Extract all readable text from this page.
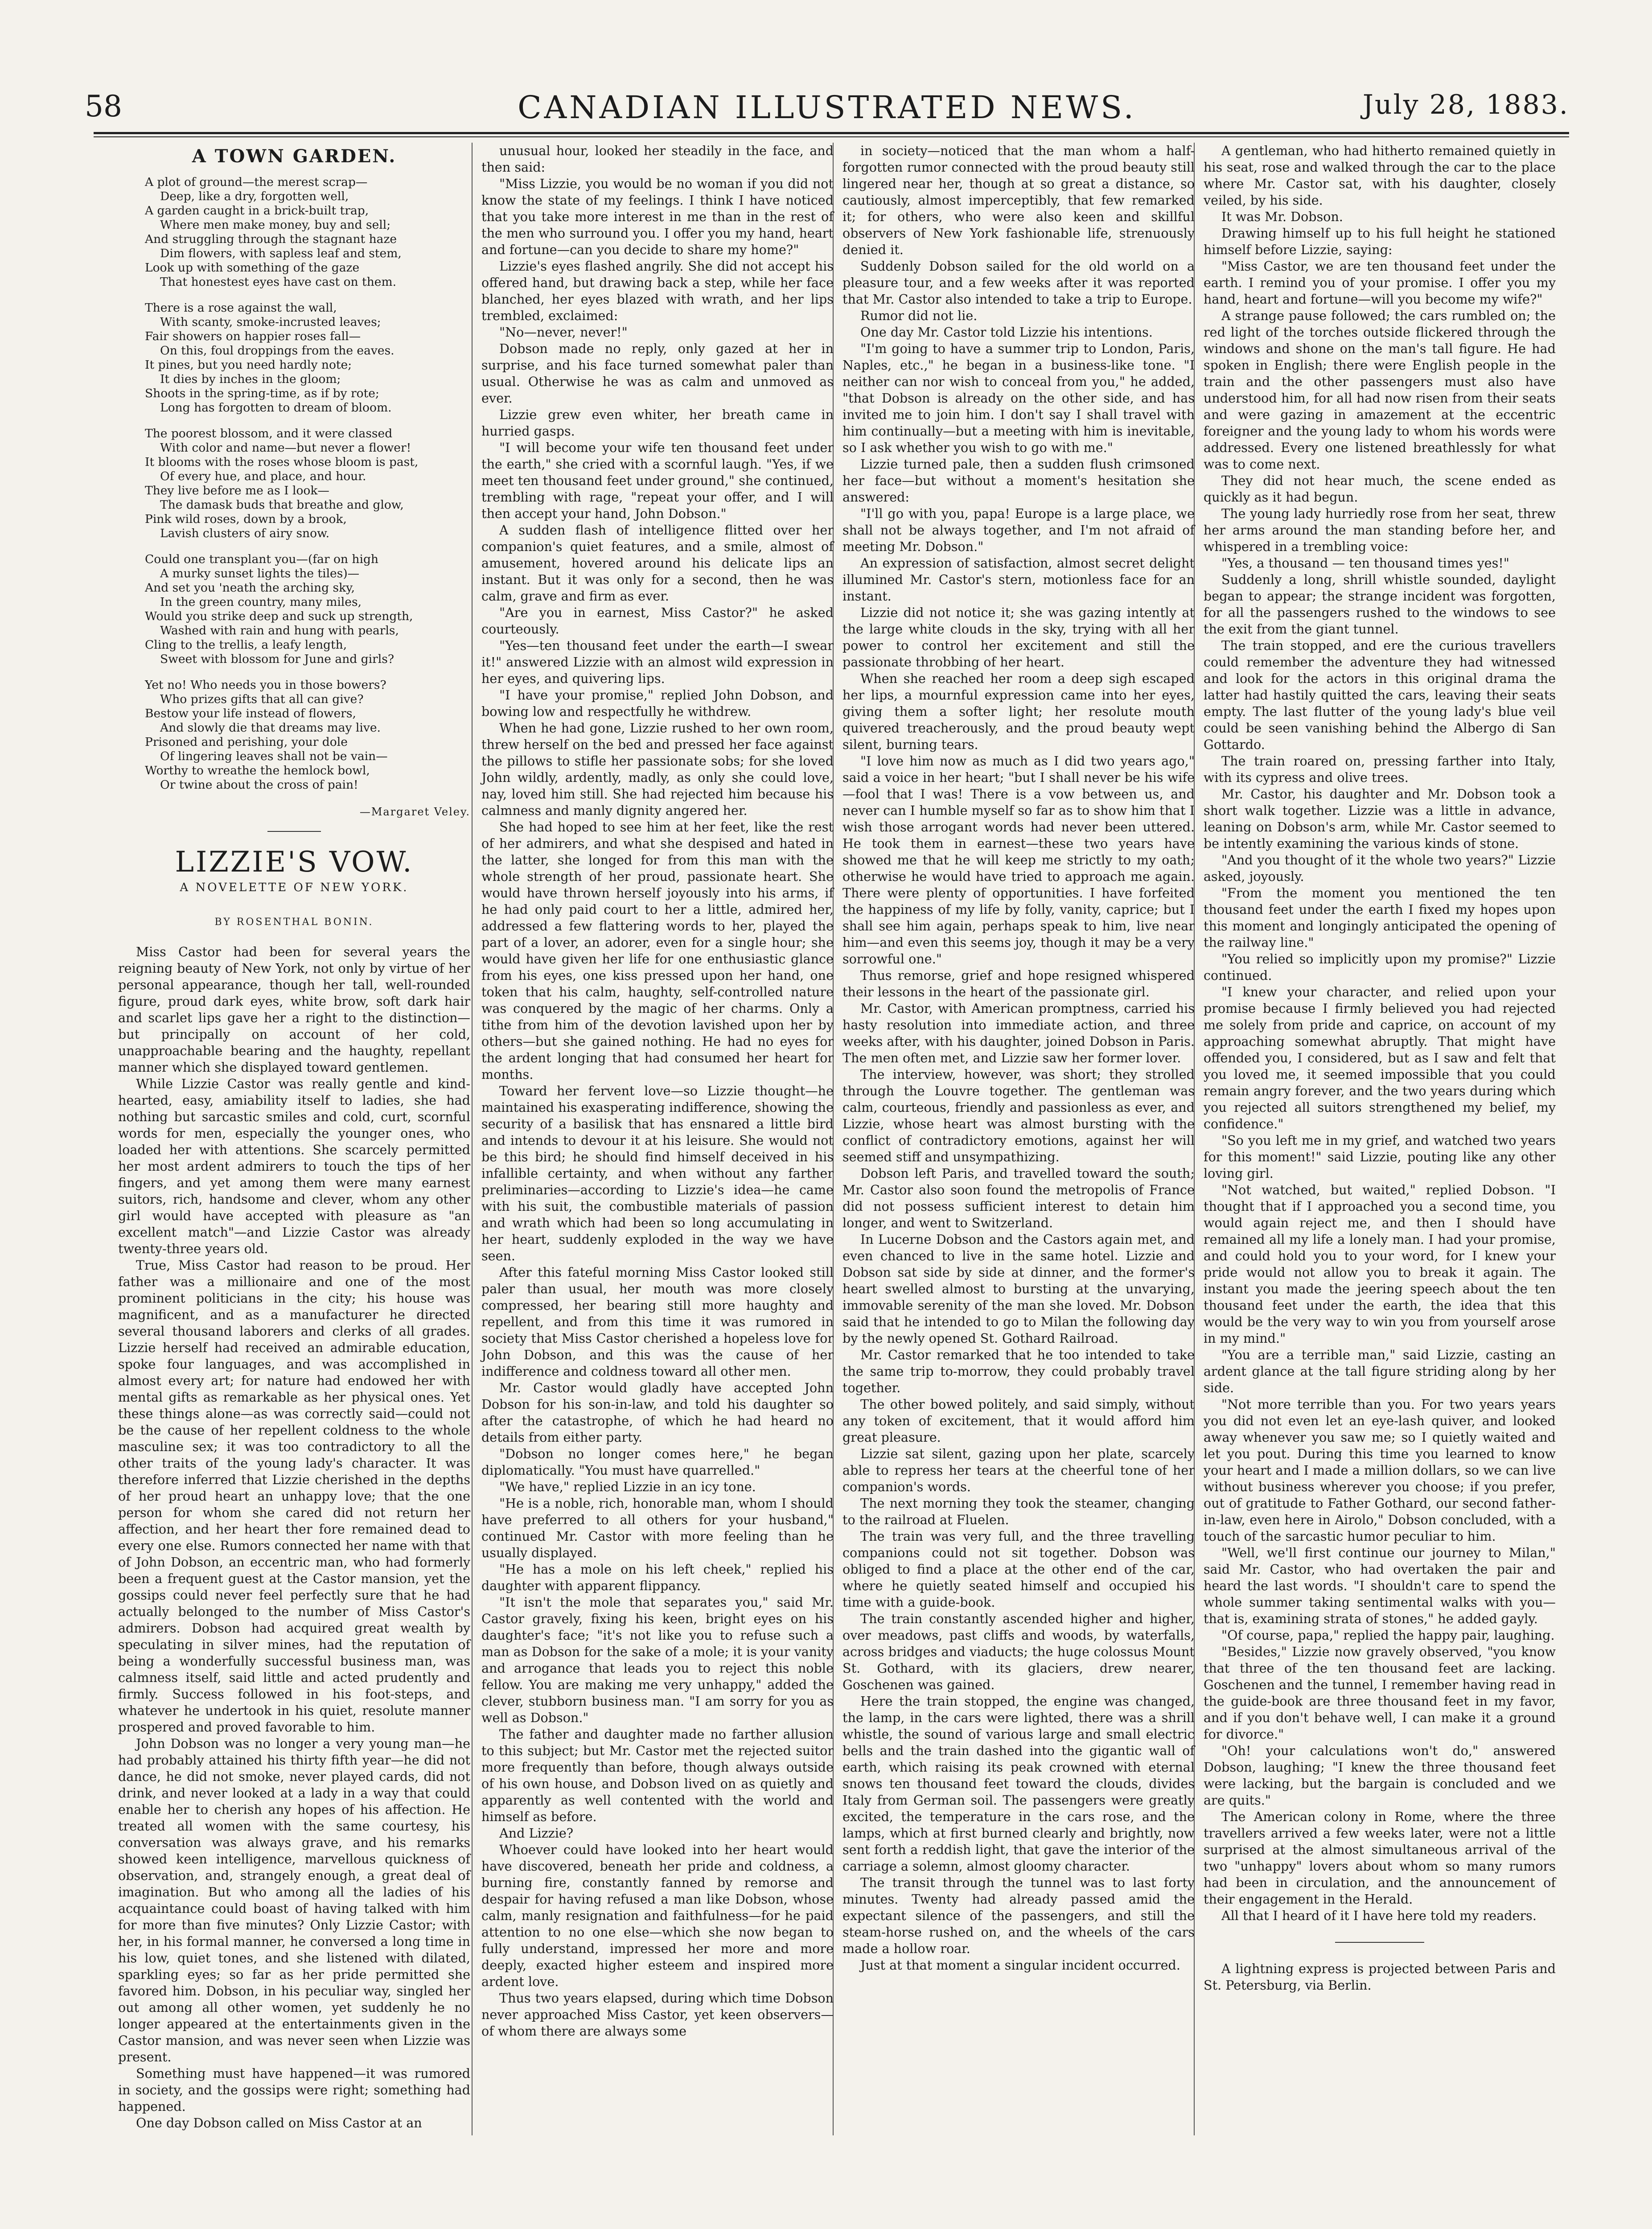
58	CANADIAN ILLUSTRATED NEWS.	July 28, 1883.
A TOWN GARDEN.
A plot of ground—the merest scrap—
Deep, like a dry, forgotten well,
A garden caught in a brick-built trap,
Where men make money, buy and sell;
And struggling through the stagnant haze
Dim flowers, with sapless leaf and stem,
Look up with something of the gaze
That honestest eyes have cast on them.
There is a rose against the wall,
With scanty, smoke-incrusted leaves;
Fair showers on happier roses fall—
On this, foul droppings from the eaves.
It pines, but you need hardly note;
It dies by inches in the gloom;
Shoots in the spring-time, as if by rote;
Long has forgotten to dream of bloom.
The poorest blossom, and it were classed
With color and name—but never a flower!
It blooms with the roses whose bloom is past,
Of every hue, and place, and hour.
They live before me as I look—
The damask buds that breathe and glow,
Pink wild roses, down by a brook,
Lavish clusters of airy snow.
Could one transplant you—(far on high
A murky sunset lights the tiles)—
And set you 'neath the arching sky,
In the green country, many miles,
Would you strike deep and suck up strength,
Washed with rain and hung with pearls,
Cling to the trellis, a leafy length,
Sweet with blossom for June and girls?
Yet no! Who needs you in those bowers?
Who prizes gifts that all can give?
Bestow your life instead of flowers,
And slowly die that dreams may live.
Prisoned and perishing, your dole
Of lingering leaves shall not be vain—
Worthy to wreathe the hemlock bowl,
Or twine about the cross of pain!
—Margaret Veley.
LIZZIE'S VOW.
A NOVELETTE OF NEW YORK.
BY ROSENTHAL BONIN.

Miss Castor had been for several years the reigning beauty of New York, not only by virtue of her personal appearance, though her tall, well-rounded figure, proud dark eyes, white brow, soft dark hair and scarlet lips gave her a right to the distinction—but principally on account of her cold, unapproachable bearing and the haughty, repellant manner which she displayed toward gentlemen.

While Lizzie Castor was really gentle and kind-hearted, easy, amiability itself to ladies, she had nothing but sarcastic smiles and cold, curt, scornful words for men, especially the younger ones, who loaded her with attentions. She scarcely permitted her most ardent admirers to touch the tips of her fingers, and yet among them were many earnest suitors, rich, handsome and clever, whom any other girl would have accepted with pleasure as "an excellent match"—and Lizzie Castor was already twenty-three years old.

True, Miss Castor had reason to be proud. Her father was a millionaire and one of the most prominent politicians in the city; his house was magnificent, and as a manufacturer he directed several thousand laborers and clerks of all grades. Lizzie herself had received an admirable education, spoke four languages, and was accomplished in almost every art; for nature had endowed her with mental gifts as remarkable as her physical ones. Yet these things alone—as was correctly said—could not be the cause of her repellent coldness to the whole masculine sex; it was too contradictory to all the other traits of the young lady's character. It was therefore inferred that Lizzie cherished in the depths of her proud heart an unhappy love; that the one person for whom she cared did not return her affection, and her heart ther fore remained dead to every one else. Rumors connected her name with that of John Dobson, an eccentric man, who had formerly been a frequent guest at the Castor mansion, yet the gossips could never feel perfectly sure that he had actually belonged to the number of Miss Castor's admirers. Dobson had acquired great wealth by speculating in silver mines, had the reputation of being a wonderfully successful business man, was calmness itself, said little and acted prudently and firmly. Success followed in his foot-steps, and whatever he undertook in his quiet, resolute manner prospered and proved favorable to him.

John Dobson was no longer a very young man—he had probably attained his thirty fifth year—he did not dance, he did not smoke, never played cards, did not drink, and never looked at a lady in a way that could enable her to cherish any hopes of his affection. He treated all women with the same courtesy, his conversation was always grave, and his remarks showed keen intelligence, marvellous quickness of observation, and, strangely enough, a great deal of imagination. But who among all the ladies of his acquaintance could boast of having talked with him for more than five minutes? Only Lizzie Castor; with her, in his formal manner, he conversed a long time in his low, quiet tones, and she listened with dilated, sparkling eyes; so far as her pride permitted she favored him. Dobson, in his peculiar way, singled her out among all other women, yet suddenly he no longer appeared at the entertainments given in the Castor mansion, and was never seen when Lizzie was present.

Something must have happened—it was rumored in society, and the gossips were right; something had happened.

One day Dobson called on Miss Castor at an

unusual hour, looked her steadily in the face, and then said:

"Miss Lizzie, you would be no woman if you did not know the state of my feelings. I think I have noticed that you take more interest in me than in the rest of the men who surround you. I offer you my hand, heart and fortune—can you decide to share my home?"

Lizzie's eyes flashed angrily. She did not accept his offered hand, but drawing back a step, while her face blanched, her eyes blazed with wrath, and her lips trembled, exclaimed:

"No—never, never!"

Dobson made no reply, only gazed at her in surprise, and his face turned somewhat paler than usual. Otherwise he was as calm and unmoved as ever.

Lizzie grew even whiter, her breath came in hurried gasps.

"I will become your wife ten thousand feet under the earth," she cried with a scornful laugh. "Yes, if we meet ten thousand feet under ground," she continued, trembling with rage, "repeat your offer, and I will then accept your hand, John Dobson."

A sudden flash of intelligence flitted over her companion's quiet features, and a smile, almost of amusement, hovered around his delicate lips an instant. But it was only for a second, then he was calm, grave and firm as ever.

"Are you in earnest, Miss Castor?" he asked courteously.

"Yes—ten thousand feet under the earth—I swear it!" answered Lizzie with an almost wild expression in her eyes, and quivering lips.

"I have your promise," replied John Dobson, and bowing low and respectfully he withdrew.

When he had gone, Lizzie rushed to her own room, threw herself on the bed and pressed her face against the pillows to stifle her passionate sobs; for she loved John wildly, ardently, madly, as only she could love, nay, loved him still. She had rejected him because his calmness and manly dignity angered her.

She had hoped to see him at her feet, like the rest of her admirers, and what she despised and hated in the latter, she longed for from this man with the whole strength of her proud, passionate heart. She would have thrown herself joyously into his arms, if he had only paid court to her a little, admired her, addressed a few flattering words to her, played the part of a lover, an adorer, even for a single hour; she would have given her life for one enthusiastic glance from his eyes, one kiss pressed upon her hand, one token that his calm, haughty, self-controlled nature was conquered by the magic of her charms. Only a tithe from him of the devotion lavished upon her by others—but she gained nothing. He had no eyes for the ardent longing that had consumed her heart for months.

Toward her fervent love—so Lizzie thought—he maintained his exasperating indifference, showing the security of a basilisk that has ensnared a little bird and intends to devour it at his leisure. She would not be this bird; he should find himself deceived in his infallible certainty, and when without any farther preliminaries—according to Lizzie's idea—he came with his suit, the combustible materials of passion and wrath which had been so long accumulating in her heart, suddenly exploded in the way we have seen.

After this fateful morning Miss Castor looked still paler than usual, her mouth was more closely compressed, her bearing still more haughty and repellent, and from this time it was rumored in society that Miss Castor cherished a hopeless love for John Dobson, and this was the cause of her indifference and coldness toward all other men.

Mr. Castor would gladly have accepted John Dobson for his son-in-law, and told his daughter so after the catastrophe, of which he had heard no details from either party.

"Dobson no longer comes here," he began diplomatically. "You must have quarrelled."

"We have," replied Lizzie in an icy tone.

"He is a noble, rich, honorable man, whom I should have preferred to all others for your husband," continued Mr. Castor with more feeling than he usually displayed.

"He has a mole on his left cheek," replied his daughter with apparent flippancy.

"It isn't the mole that separates you," said Mr. Castor gravely, fixing his keen, bright eyes on his daughter's face; "it's not like you to refuse such a man as Dobson for the sake of a mole; it is your vanity and arrogance that leads you to reject this noble fellow. You are making me very unhappy," added the clever, stubborn business man. "I am sorry for you as well as Dobson."

The father and daughter made no farther allusion to this subject; but Mr. Castor met the rejected suitor more frequently than before, though always outside of his own house, and Dobson lived on as quietly and apparently as well contented with the world and himself as before.

And Lizzie?

Whoever could have looked into her heart would have discovered, beneath her pride and coldness, a burning fire, constantly fanned by remorse and despair for having refused a man like Dobson, whose calm, manly resignation and faithfulness—for he paid attention to no one else—which she now began to fully understand, impressed her more and more deeply, exacted higher esteem and inspired more ardent love.

Thus two years elapsed, during which time Dobson never approached Miss Castor, yet keen observers—of whom there are always some

in society—noticed that the man whom a half-forgotten rumor connected with the proud beauty still lingered near her, though at so great a distance, so cautiously, almost imperceptibly, that few remarked it; for others, who were also keen and skillful observers of New York fashionable life, strenuously denied it.

Suddenly Dobson sailed for the old world on a pleasure tour, and a few weeks after it was reported that Mr. Castor also intended to take a trip to Europe.

Rumor did not lie.

One day Mr. Castor told Lizzie his intentions.

"I'm going to have a summer trip to London, Paris, Naples, etc.," he began in a business-like tone. "I neither can nor wish to conceal from you," he added, "that Dobson is already on the other side, and has invited me to join him. I don't say I shall travel with him continually—but a meeting with him is inevitable, so I ask whether you wish to go with me."

Lizzie turned pale, then a sudden flush crimsoned her face—but without a moment's hesitation she answered:

"I'll go with you, papa! Europe is a large place, we shall not be always together, and I'm not afraid of meeting Mr. Dobson."

An expression of satisfaction, almost secret delight illumined Mr. Castor's stern, motionless face for an instant.

Lizzie did not notice it; she was gazing intently at the large white clouds in the sky, trying with all her power to control her excitement and still the passionate throbbing of her heart.

When she reached her room a deep sigh escaped her lips, a mournful expression came into her eyes, giving them a softer light; her resolute mouth quivered treacherously, and the proud beauty wept silent, burning tears.

"I love him now as much as I did two years ago," said a voice in her heart; "but I shall never be his wife—fool that I was! There is a vow between us, and never can I humble myself so far as to show him that I wish those arrogant words had never been uttered. He took them in earnest—these two years have showed me that he will keep me strictly to my oath; otherwise he would have tried to approach me again. There were plenty of opportunities. I have forfeited the happiness of my life by folly, vanity, caprice; but I shall see him again, perhaps speak to him, live near him—and even this seems joy, though it may be a very sorrowful one."

Thus remorse, grief and hope resigned whispered their lessons in the heart of the passionate girl.

Mr. Castor, with American promptness, carried his hasty resolution into immediate action, and three weeks after, with his daughter, joined Dobson in Paris. The men often met, and Lizzie saw her former lover.

The interview, however, was short; they strolled through the Louvre together. The gentleman was calm, courteous, friendly and passionless as ever, and Lizzie, whose heart was almost bursting with the conflict of contradictory emotions, against her will seemed stiff and unsympathizing.

Dobson left Paris, and travelled toward the south; Mr. Castor also soon found the metropolis of France did not possess sufficient interest to detain him longer, and went to Switzerland.

In Lucerne Dobson and the Castors again met, and even chanced to live in the same hotel. Lizzie and Dobson sat side by side at dinner, and the former's heart swelled almost to bursting at the unvarying, immovable serenity of the man she loved. Mr. Dobson said that he intended to go to Milan the following day by the newly opened St. Gothard Railroad.

Mr. Castor remarked that he too intended to take the same trip to-morrow, they could probably travel together.

The other bowed politely, and said simply, without any token of excitement, that it would afford him great pleasure.

Lizzie sat silent, gazing upon her plate, scarcely able to repress her tears at the cheerful tone of her companion's words.

The next morning they took the steamer, changing to the railroad at Fluelen.

The train was very full, and the three travelling companions could not sit together. Dobson was obliged to find a place at the other end of the car, where he quietly seated himself and occupied his time with a guide-book.

The train constantly ascended higher and higher, over meadows, past cliffs and woods, by waterfalls, across bridges and viaducts; the huge colossus Mount St. Gothard, with its glaciers, drew nearer, Goschenen was gained.

Here the train stopped, the engine was changed, the lamp, in the cars were lighted, there was a shrill whistle, the sound of various large and small electric bells and the train dashed into the gigantic wall of earth, which raising its peak crowned with eternal snows ten thousand feet toward the clouds, divides Italy from German soil. The passengers were greatly excited, the temperature in the cars rose, and the lamps, which at first burned clearly and brightly, now sent forth a reddish light, that gave the interior of the carriage a solemn, almost gloomy character.

The transit through the tunnel was to last forty minutes. Twenty had already passed amid the expectant silence of the passengers, and still the steam-horse rushed on, and the wheels of the cars made a hollow roar.

Just at that moment a singular incident occurred.

A gentleman, who had hitherto remained quietly in his seat, rose and walked through the car to the place where Mr. Castor sat, with his daughter, closely veiled, by his side.

It was Mr. Dobson.

Drawing himself up to his full height he stationed himself before Lizzie, saying:

"Miss Castor, we are ten thousand feet under the earth. I remind you of your promise. I offer you my hand, heart and fortune—will you become my wife?"

A strange pause followed; the cars rumbled on; the red light of the torches outside flickered through the windows and shone on the man's tall figure. He had spoken in English; there were English people in the train and the other passengers must also have understood him, for all had now risen from their seats and were gazing in amazement at the eccentric foreigner and the young lady to whom his words were addressed. Every one listened breathlessly for what was to come next.

They did not hear much, the scene ended as quickly as it had begun.

The young lady hurriedly rose from her seat, threw her arms around the man standing before her, and whispered in a trembling voice:

"Yes, a thousand — ten thousand times yes!"

Suddenly a long, shrill whistle sounded, daylight began to appear; the strange incident was forgotten, for all the passengers rushed to the windows to see the exit from the giant tunnel.

The train stopped, and ere the curious travellers could remember the adventure they had witnessed and look for the actors in this original drama the latter had hastily quitted the cars, leaving their seats empty. The last flutter of the young lady's blue veil could be seen vanishing behind the Albergo di San Gottardo.

The train roared on, pressing farther into Italy, with its cypress and olive trees.

Mr. Castor, his daughter and Mr. Dobson took a short walk together. Lizzie was a little in advance, leaning on Dobson's arm, while Mr. Castor seemed to be intently examining the various kinds of stone.

"And you thought of it the whole two years?" Lizzie asked, joyously.

"From the moment you mentioned the ten thousand feet under the earth I fixed my hopes upon this moment and longingly anticipated the opening of the railway line."

"You relied so implicitly upon my promise?" Lizzie continued.

"I knew your character, and relied upon your promise because I firmly believed you had rejected me solely from pride and caprice, on account of my approaching somewhat abruptly. That might have offended you, I considered, but as I saw and felt that you loved me, it seemed impossible that you could remain angry forever, and the two years during which you rejected all suitors strengthened my belief, my confidence."

"So you left me in my grief, and watched two years for this moment!" said Lizzie, pouting like any other loving girl.

"Not watched, but waited," replied Dobson. "I thought that if I approached you a second time, you would again reject me, and then I should have remained all my life a lonely man. I had your promise, and could hold you to your word, for I knew your pride would not allow you to break it again. The instant you made the jeering speech about the ten thousand feet under the earth, the idea that this would be the very way to win you from yourself arose in my mind."

"You are a terrible man," said Lizzie, casting an ardent glance at the tall figure striding along by her side.

"Not more terrible than you. For two years years you did not even let an eye-lash quiver, and looked away whenever you saw me; so I quietly waited and let you pout. During this time you learned to know your heart and I made a million dollars, so we can live without business wherever you choose; if you prefer, out of gratitude to Father Gothard, our second father-in-law, even here in Airolo," Dobson concluded, with a touch of the sarcastic humor peculiar to him.

"Well, we'll first continue our journey to Milan," said Mr. Castor, who had overtaken the pair and heard the last words. "I shouldn't care to spend the whole summer taking sentimental walks with you—that is, examining strata of stones," he added gayly.

"Of course, papa," replied the happy pair, laughing.

"Besides," Lizzie now gravely observed, "you know that three of the ten thousand feet are lacking. Goschenen and the tunnel, I remember having read in the guide-book are three thousand feet in my favor, and if you don't behave well, I can make it a ground for divorce."

"Oh! your calculations won't do," answered Dobson, laughing; "I knew the three thousand feet were lacking, but the bargain is concluded and we are quits."

The American colony in Rome, where the three travellers arrived a few weeks later, were not a little surprised at the almost simultaneous arrival of the two "unhappy" lovers about whom so many rumors had been in circulation, and the announcement of their engagement in the Herald.

All that I heard of it I have here told my readers.

A lightning express is projected between Paris and St. Petersburg, via Berlin.
